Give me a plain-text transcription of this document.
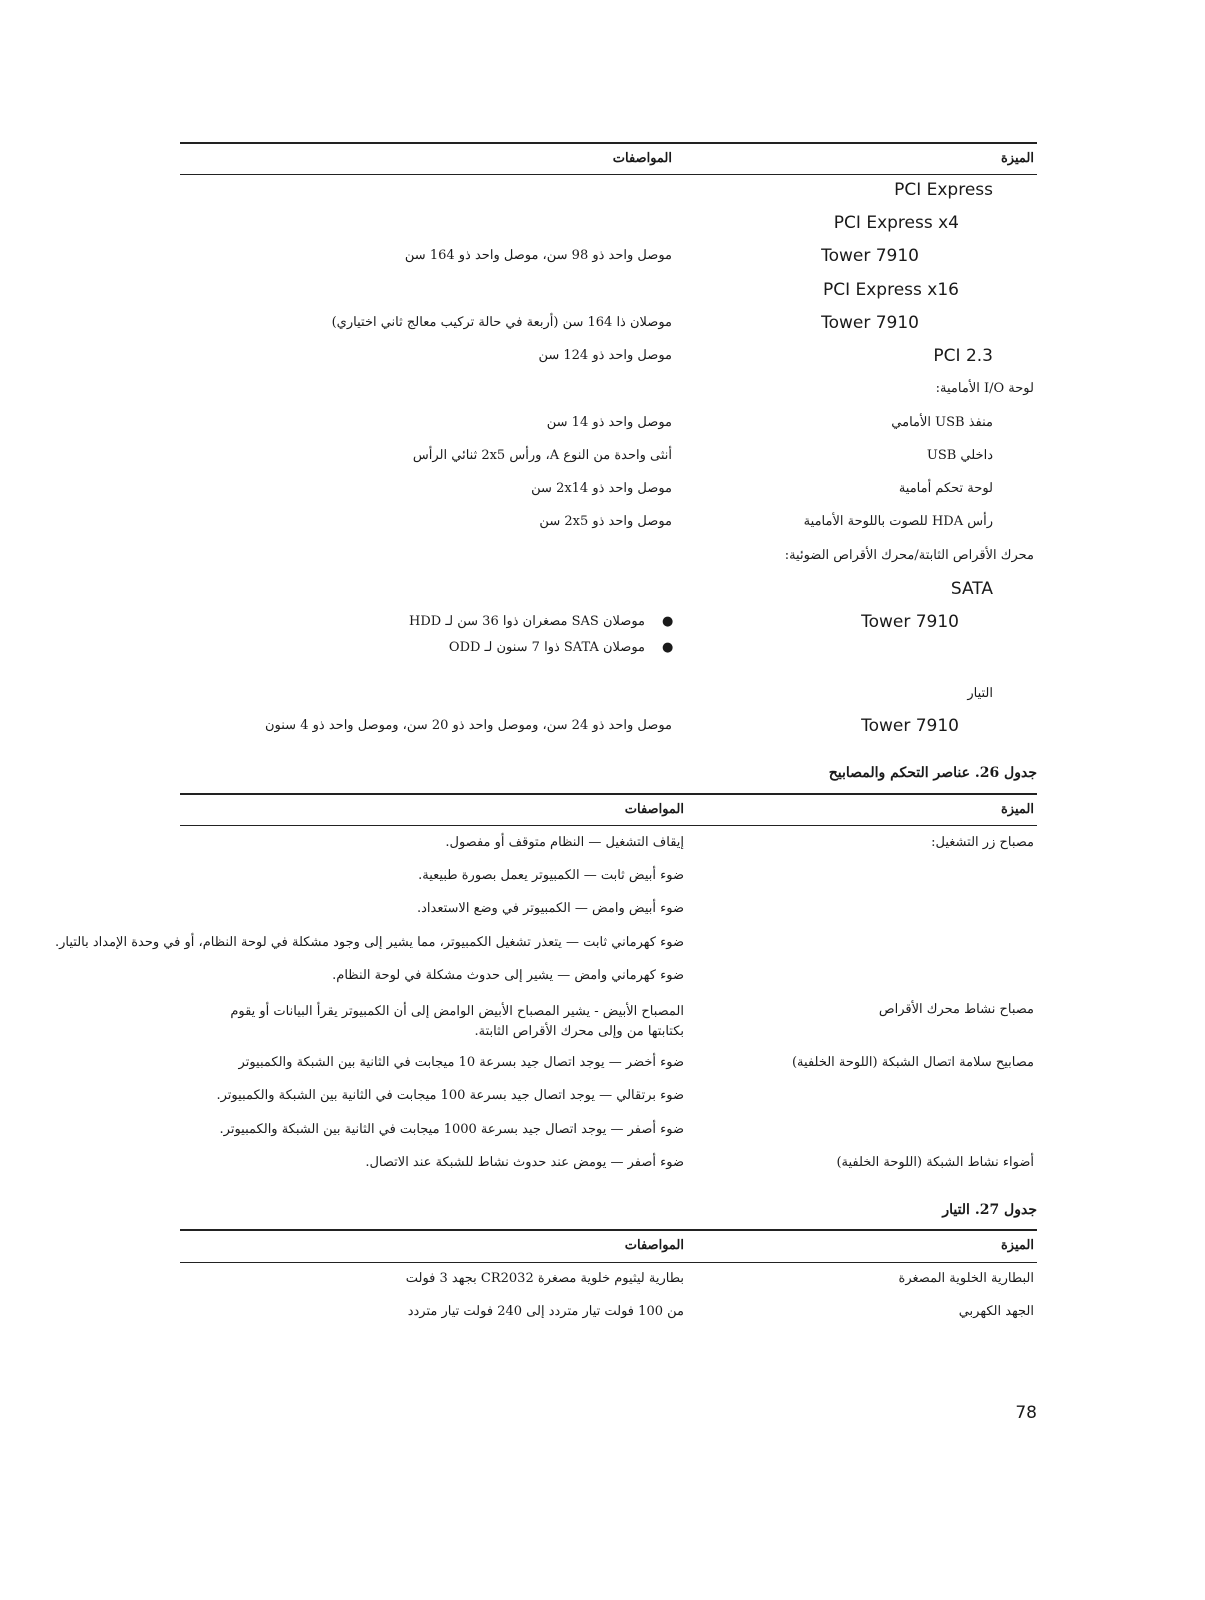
الميزة
المواصفات
PCI Express
PCI Express x4
Tower 7910
موصل واحد ذو 98 سن، موصل واحد ذو 164 سن
PCI Express x16
Tower 7910
موصلان ذا 164 سن (أربعة في حالة تركيب معالج ثاني اختياري)
PCI 2.3
موصل واحد ذو 124 سن
لوحة I/O الأمامية:
منفذ USB الأمامي
موصل واحد ذو 14 سن
USB داخلي
أنثى واحدة من النوع A، ورأس 2x5 ثنائي الرأس
لوحة تحكم أمامية
موصل واحد ذو 2x14 سن
رأس HDA للصوت باللوحة الأمامية
موصل واحد ذو 2x5 سن
محرك الأقراص الثابتة/محرك الأقراص الضوئية:
SATA
Tower 7910
●
موصلان SAS مصغران ذوا 36 سن لـ HDD
●
موصلان SATA ذوا 7 سنون لـ ODD
التيار
Tower 7910
موصل واحد ذو 24 سن، وموصل واحد ذو 20 سن، وموصل واحد ذو 4 سنون
جدول 26. عناصر التحكم والمصابيح
الميزة
المواصفات
مصباح زر التشغيل:
إيقاف التشغيل — النظام متوقف أو مفصول.
ضوء أبيض ثابت — الكمبيوتر يعمل بصورة طبيعية.
ضوء أبيض وامض — الكمبيوتر في وضع الاستعداد.
ضوء كهرماني ثابت — يتعذر تشغيل الكمبيوتر، مما يشير إلى وجود مشكلة في لوحة النظام، أو في وحدة الإمداد بالتيار.
ضوء كهرماني وامض — يشير إلى حدوث مشكلة في لوحة النظام.
مصباح نشاط محرك الأقراص
المصباح الأبيض - يشير المصباح الأبيض الوامض إلى أن الكمبيوتر يقرأ البيانات أو يقوم بكتابتها من وإلى محرك الأقراص الثابتة.
مصابيح سلامة اتصال الشبكة (اللوحة الخلفية)
ضوء أخضر — يوجد اتصال جيد بسرعة 10 ميجابت في الثانية بين الشبكة والكمبيوتر
ضوء برتقالي — يوجد اتصال جيد بسرعة 100 ميجابت في الثانية بين الشبكة والكمبيوتر.
ضوء أصفر — يوجد اتصال جيد بسرعة 1000 ميجابت في الثانية بين الشبكة والكمبيوتر.
أضواء نشاط الشبكة (اللوحة الخلفية)
ضوء أصفر — يومض عند حدوث نشاط للشبكة عند الاتصال.
جدول 27. التيار
الميزة
المواصفات
البطارية الخلوية المصغرة
بطارية ليثيوم خلوية مصغرة CR2032 بجهد 3 فولت
الجهد الكهربي
من 100 فولت تيار متردد إلى 240 فولت تيار متردد
78
